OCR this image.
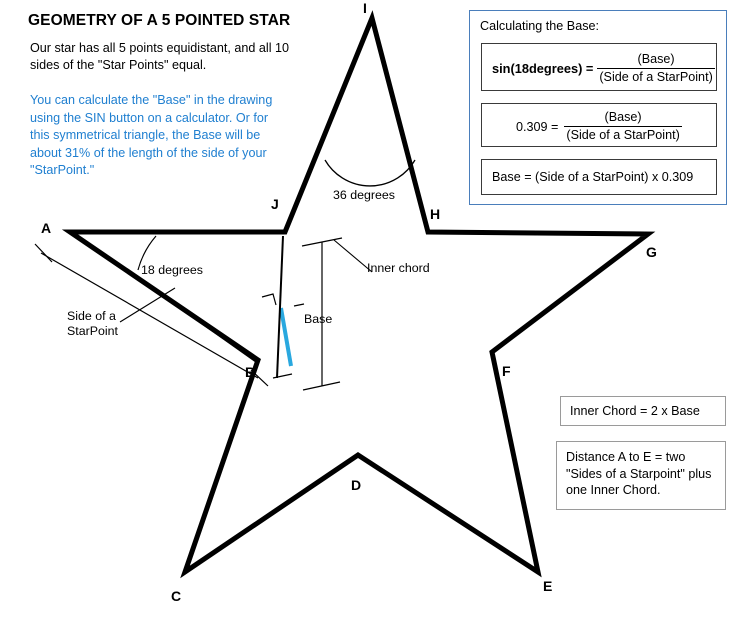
GEOMETRY OF A 5 POINTED STAR
Our star has all 5 points equidistant, and all 10 sides of the "Star Points" equal.
You can calculate the "Base" in the drawing using the SIN button on a calculator. Or for this symmetrical triangle, the Base will be about 31% of the length of the side of your "StarPoint."
Calculating the Base:
sin(18degrees) = $\frac{\text{(Base)}}{\text{(Side of a StarPoint)}}$
$0.309 = \frac{\text{(Base)}}{\text{(Side of a StarPoint)}}$
Base = (Side of a StarPoint) x 0.309
Inner Chord = 2 x Base
Distance A to E = two "Sides of a Starpoint" plus one Inner Chord.
A
B
C
D
E
F
G
H
I
J
36 degrees
18 degrees
Side of a StarPoint
Base
Inner chord
